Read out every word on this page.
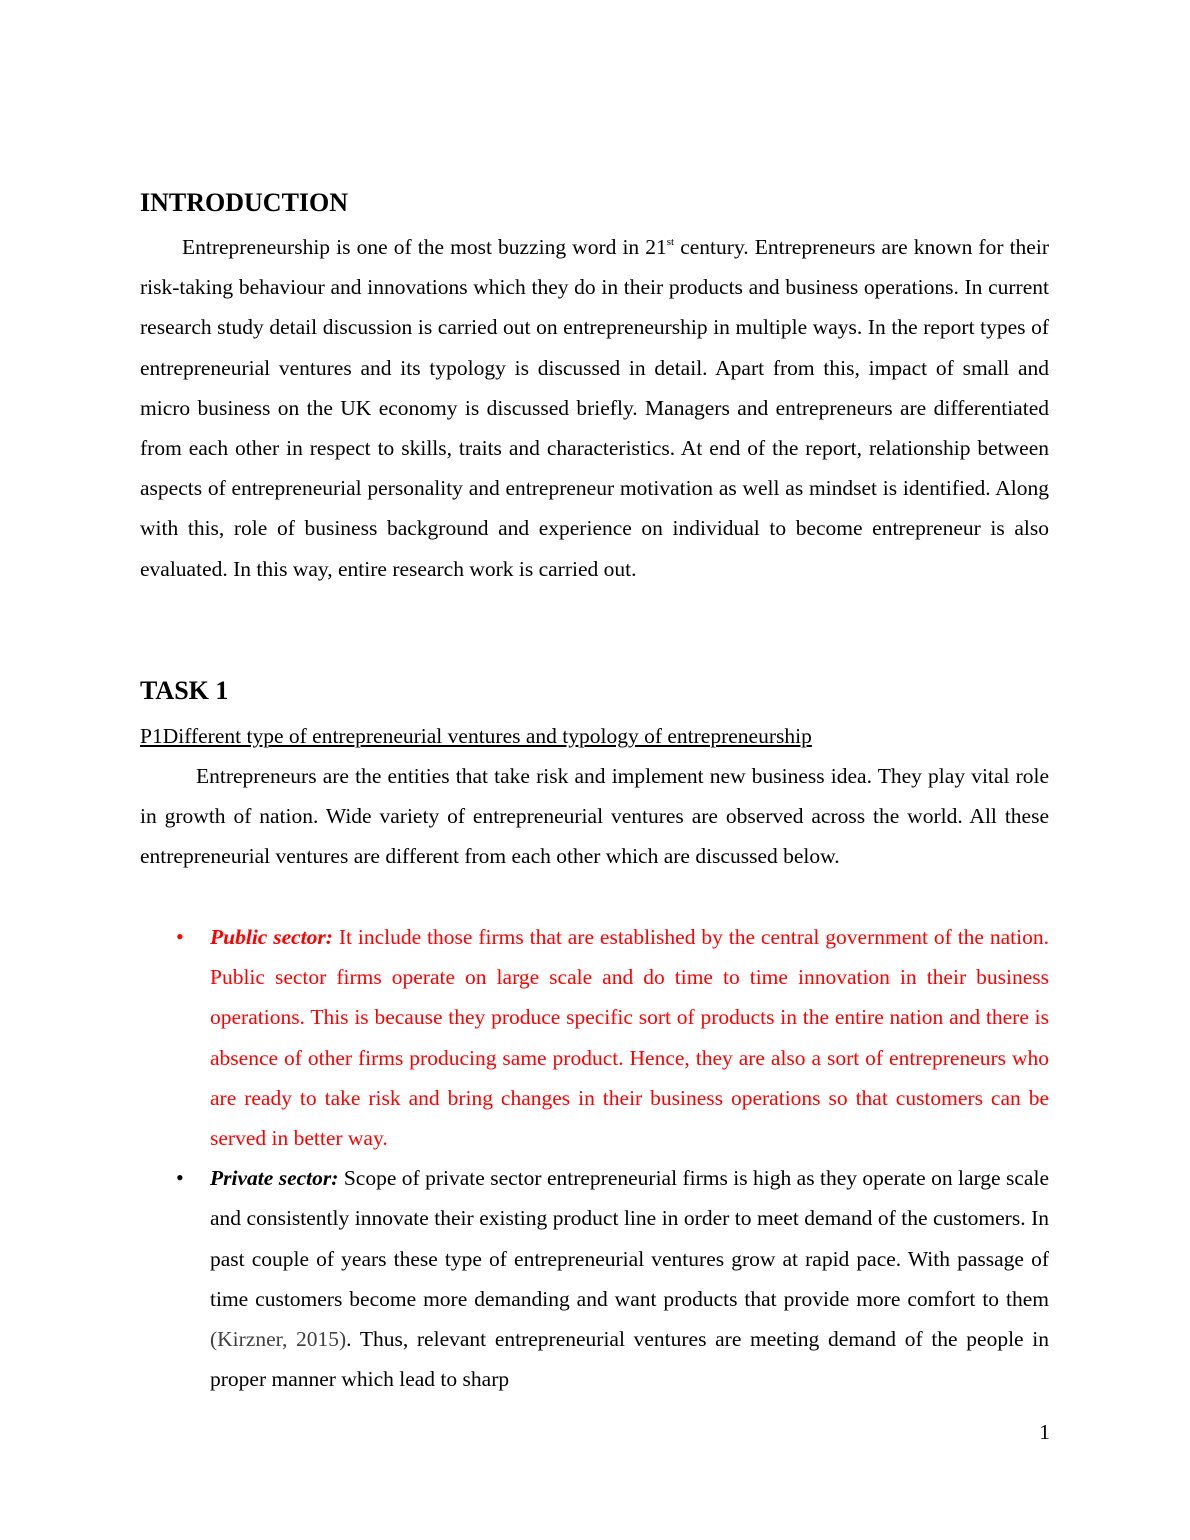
INTRODUCTION

Entrepreneurship is one of the most buzzing word in 21st century. Entrepreneurs are known for their risk-taking behaviour and innovations which they do in their products and business operations. In current research study detail discussion is carried out on entrepreneurship in multiple ways. In the report types of entrepreneurial ventures and its typology is discussed in detail. Apart from this, impact of small and micro business on the UK economy is discussed briefly. Managers and entrepreneurs are differentiated from each other in respect to skills, traits and characteristics. At end of the report, relationship between aspects of entrepreneurial personality and entrepreneur motivation as well as mindset is identified. Along with this, role of business background and experience on individual to become entrepreneur is also evaluated. In this way, entire research work is carried out.

TASK 1

P1Different type of entrepreneurial ventures and typology of entrepreneurship

Entrepreneurs are the entities that take risk and implement new business idea. They play vital role in growth of nation. Wide variety of entrepreneurial ventures are observed across the world. All these entrepreneurial ventures are different from each other which are discussed below.

• Public sector: It include those firms that are established by the central government of the nation. Public sector firms operate on large scale and do time to time innovation in their business operations. This is because they produce specific sort of products in the entire nation and there is absence of other firms producing same product. Hence, they are also a sort of entrepreneurs who are ready to take risk and bring changes in their business operations so that customers can be served in better way.
• Private sector: Scope of private sector entrepreneurial firms is high as they operate on large scale and consistently innovate their existing product line in order to meet demand of the customers. In past couple of years these type of entrepreneurial ventures grow at rapid pace. With passage of time customers become more demanding and want products that provide more comfort to them (Kirzner, 2015). Thus, relevant entrepreneurial ventures are meeting demand of the people in proper manner which lead to sharp
1
